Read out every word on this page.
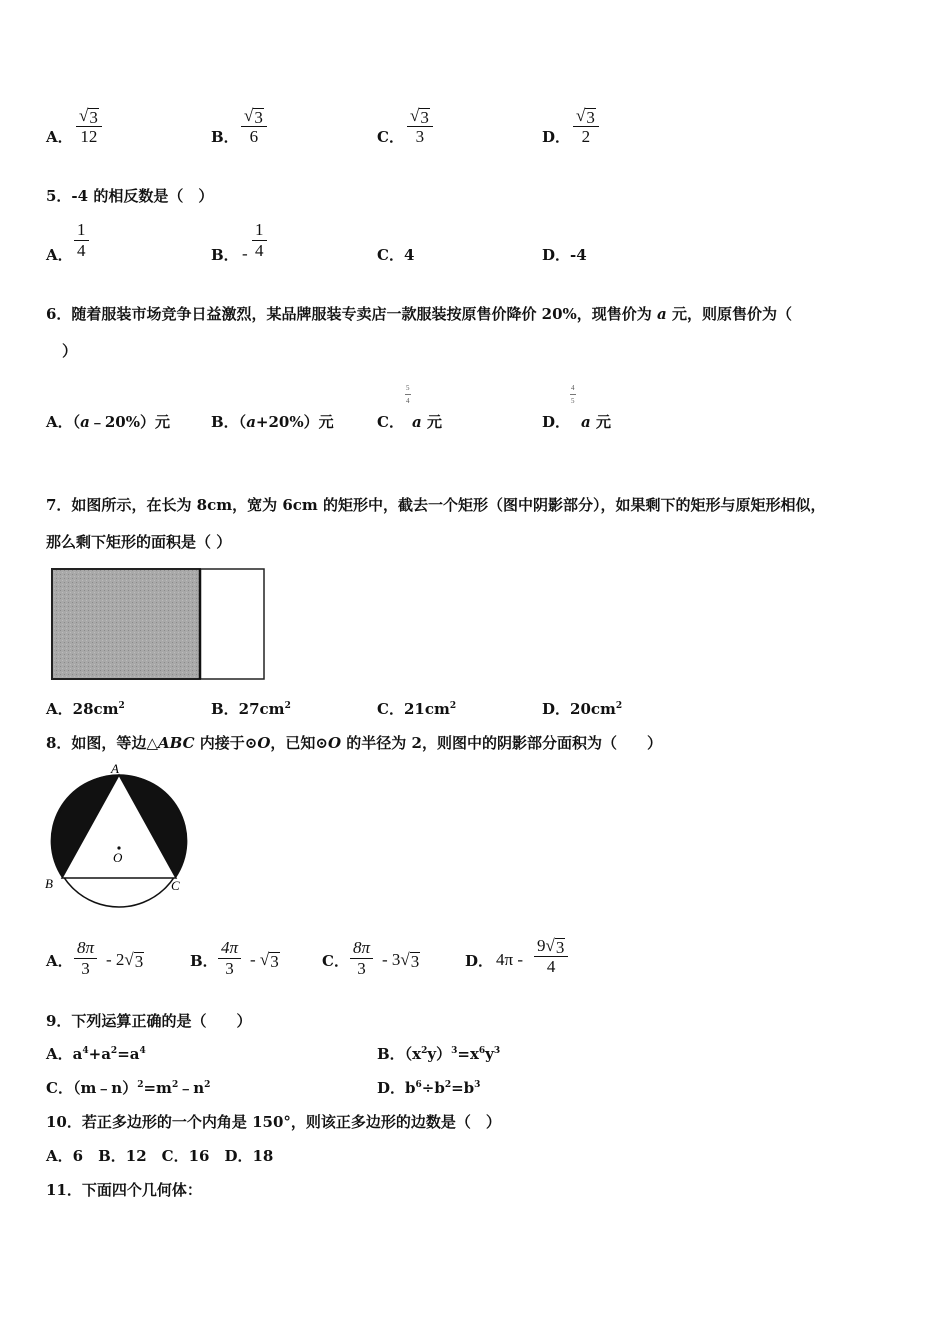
A．
√ 3
12	B．
√ 3
6	C．
√ 3
3	D．
√ 3
2
5．-4 的相反数是（　）
A．
1
4	B． -
1
4	C．4	D．-4
6．随着服装市场竞争日益激烈，某品牌服装专卖店一款服装按原售价降价 20%，现售价为 a 元，则原售价为（
）
A．（a﹣20%）元	B．（a+20%）元	C．
5
4
a 元	D．
4
5
a 元
7．如图所示，在长为 8cm，宽为 6cm 的矩形中，截去一个矩形（图中阴影部分），如果剩下的矩形与原矩形相似，
那么剩下矩形的面积是（ ）
A．$28cm^2$	B．$27cm^2$	C．$21cm^2$	D．$20cm^2$
8．如图，等边△ABC 内接于⊙O，已知⊙O 的半径为 2，则图中的阴影部分面积为（　　）
A
B	C
O
A．
8π
3 - 2 √ 3	B．
4π
3 - √ 3	C．
8π
3 - 3 √ 3	D． 4π -
9 √ 3
4
9．下列运算正确的是（　　）
A．$a^4+a^2=a^4$	B．$(x^2y)^3=x^6y^3$
C．$(m﹣n)^2=m^2﹣n^2$	D．$b^6\div b^2=b^3$
10．若正多边形的一个内角是 150°，则该正多边形的边数是（　）
A．6　B．12　C．16　D．18
11．下面四个几何体：
